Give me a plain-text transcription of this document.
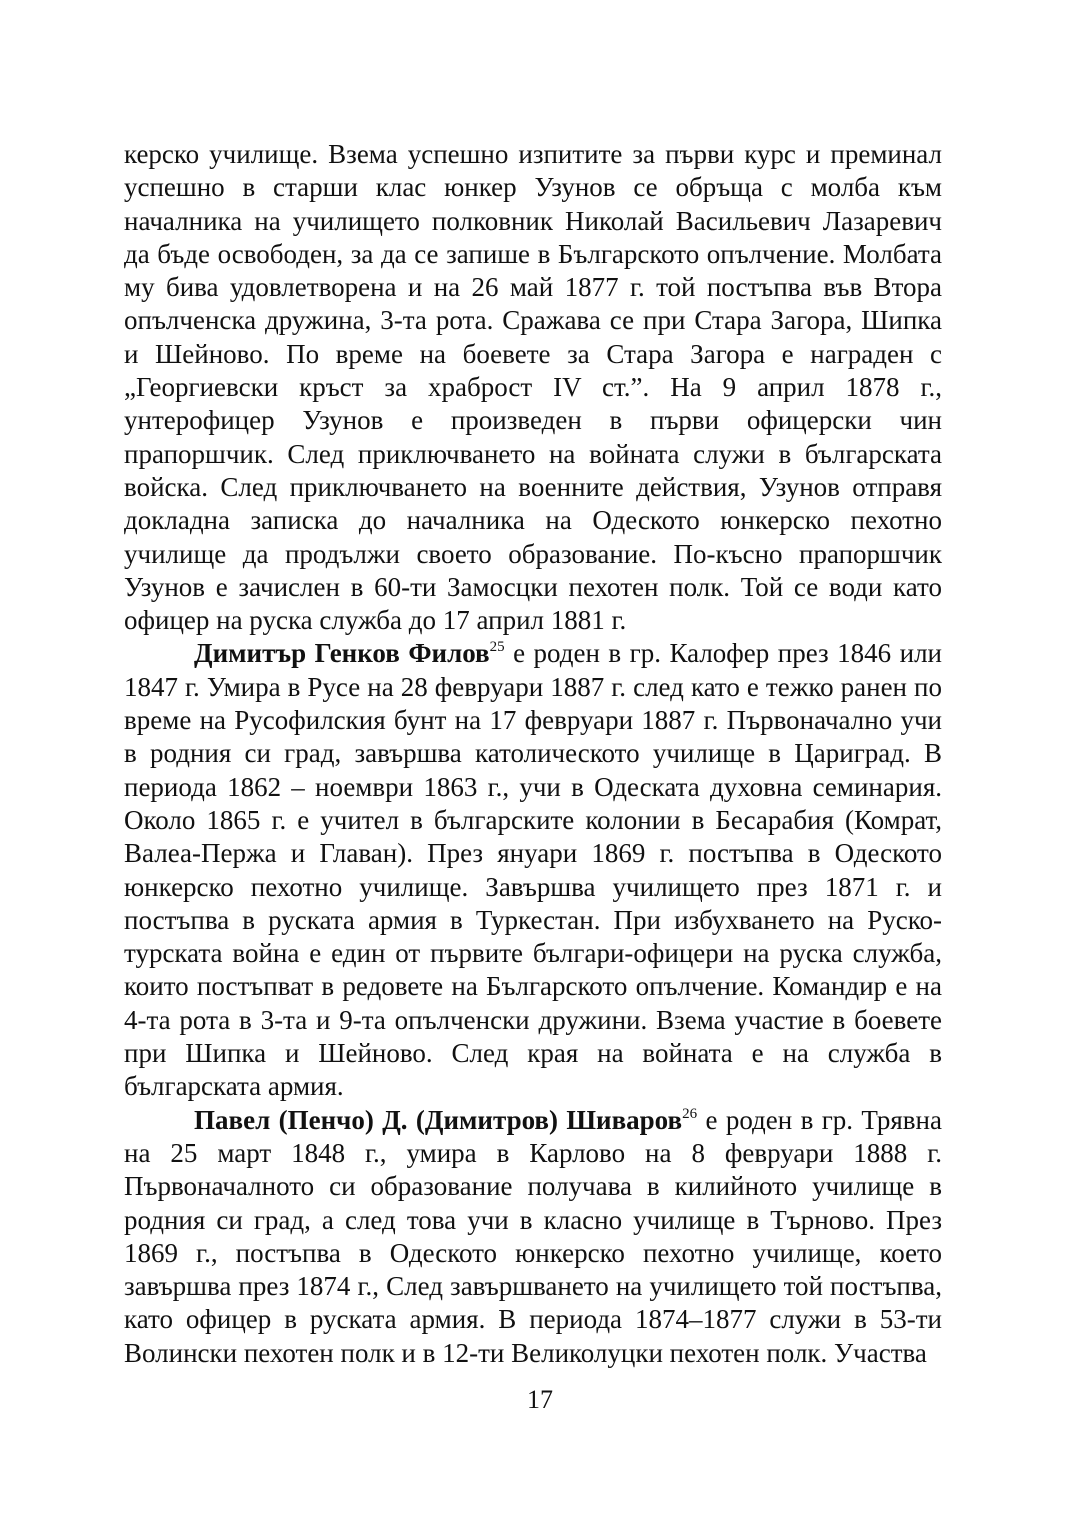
керско училище. Взема успешно изпитите за първи курс и преминал успешно в старши клас юнкер Узунов се обръща с молба към началника на училището полковник Николай Васильевич Лазаревич да бъде освободен, за да се запише в Българското опълчение. Молбата му бива удовлетворена и на 26 май 1877 г. той постъпва във Втора опълченска дружина, 3-та рота. Сражава се при Стара Загора, Шипка и Шейново. По време на боевете за Стара Загора е награден с „Георгиевски кръст за храброст IV ст.”. На 9 април 1878 г., унтерофицер Узунов е произведен в първи офицерски чин прапоршчик. След приключването на войната служи в българската войска. След приключването на военните действия, Узунов отправя докладна записка до началника на Одеското юнкерско пехотно училище да продължи своето образование. По-късно прапоршчик Узунов е зачислен в 60-ти Замосцки пехотен полк. Той се води като офицер на руска служба до 17 април 1881 г.

Димитър Генков Филов$^{25}$ е роден в гр. Калофер през 1846 или 1847 г. Умира в Русе на 28 февруари 1887 г. след като е тежко ранен по време на Русофилския бунт на 17 февруари 1887 г. Първоначално учи в родния си град, завършва католическото училище в Цариград. В периода 1862 – ноември 1863 г., учи в Одеската духовна семинария. Около 1865 г. е учител в българските колонии в Бесарабия (Комрат, Валеа-Пержа и Главан). През януари 1869 г. постъпва в Одеското юнкерско пехотно училище. Завършва училището през 1871 г. и постъпва в руската армия в Туркестан. При избухването на Руско-турската война е един от първите българи-офицери на руска служба, които постъпват в редовете на Българското опълчение. Командир е на 4-та рота в 3-та и 9-та опълченски дружини. Взема участие в боевете при Шипка и Шейново. След края на войната е на служба в българската армия.

Павел (Пенчо) Д. (Димитров) Шиваров$^{26}$ е роден в гр. Трявна на 25 март 1848 г., умира в Карлово на 8 февруари 1888 г. Първоначалното си образование получава в килийното училище в родния си град, а след това учи в класно училище в Търново. През 1869 г., постъпва в Одеското юнкерско пехотно училище, което завършва през 1874 г., След завършването на училището той постъпва, като офицер в руската армия. В периода 1874–1877 служи в 53-ти Волински пехотен полк и в 12-ти Великолуцки пехотен полк. Участва

17
